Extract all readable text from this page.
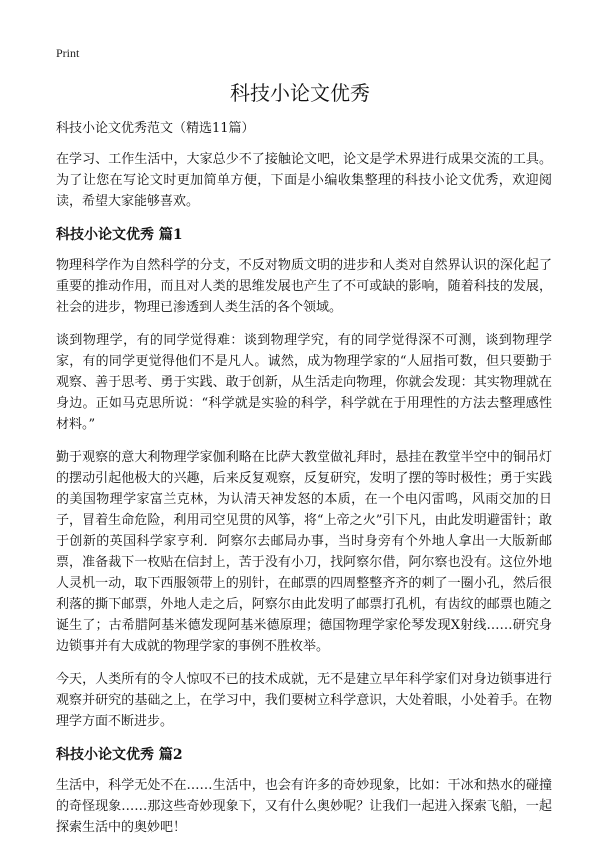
Print
科技小论文优秀

科技小论文优秀范文（精选11篇）

在学习、工作生活中，大家总少不了接触论文吧，论文是学术界进行成果交流的工具。为了让您在写论文时更加简单方便，下面是小编收集整理的科技小论文优秀，欢迎阅读，希望大家能够喜欢。

科技小论文优秀 篇1

物理科学作为自然科学的分支，不反对物质文明的进步和人类对自然界认识的深化起了重要的推动作用，而且对人类的思维发展也产生了不可或缺的影响，随着科技的发展，社会的进步，物理已渗透到人类生活的各个领域。

谈到物理学，有的同学觉得难：谈到物理学究，有的同学觉得深不可测，谈到物理学家，有的同学更觉得他们不是凡人。诚然，成为物理学家的“人屈指可数，但只要勤于观察、善于思考、勇于实践、敢于创新，从生活走向物理，你就会发现：其实物理就在身边。正如马克思所说：“科学就是实验的科学，科学就在于用理性的方法去整理感性材料。”

勤于观察的意大利物理学家伽利略在比萨大教堂做礼拜时，悬挂在教堂半空中的铜吊灯的摆动引起他极大的兴趣，后来反复观察，反复研究，发明了摆的等时极性；勇于实践的美国物理学家富兰克林，为认清天神发怒的本质，在一个电闪雷鸣，风雨交加的日子，冒着生命危险，利用司空见贯的风筝，将“上帝之火”引下凡，由此发明避雷针；敢于创新的英国科学家亨利．阿察尔去邮局办事，当时身旁有个外地人拿出一大版新邮票，准备裁下一枚贴在信封上，苦于没有小刀，找阿察尔借，阿尔察也没有。这位外地人灵机一动，取下西服领带上的别针，在邮票的四周整整齐齐的刺了一圈小孔，然后很利落的撕下邮票，外地人走之后，阿察尔由此发明了邮票打孔机，有齿纹的邮票也随之诞生了；古希腊阿基米德发现阿基米德原理；德国物理学家伦琴发现X射线……研究身边锁事并有大成就的物理学家的事例不胜枚举。

今天，人类所有的令人惊叹不已的技术成就，无不是建立早年科学家们对身边锁事进行观察并研究的基础之上，在学习中，我们要树立科学意识，大处着眼，小处着手。在物理学方面不断进步。

科技小论文优秀 篇2

生活中，科学无处不在……生活中，也会有许多的奇妙现象，比如：干冰和热水的碰撞的奇怪现象……那这些奇妙现象下，又有什么奥妙呢？让我们一起进入探索飞船，一起探索生活中的奥妙吧！
